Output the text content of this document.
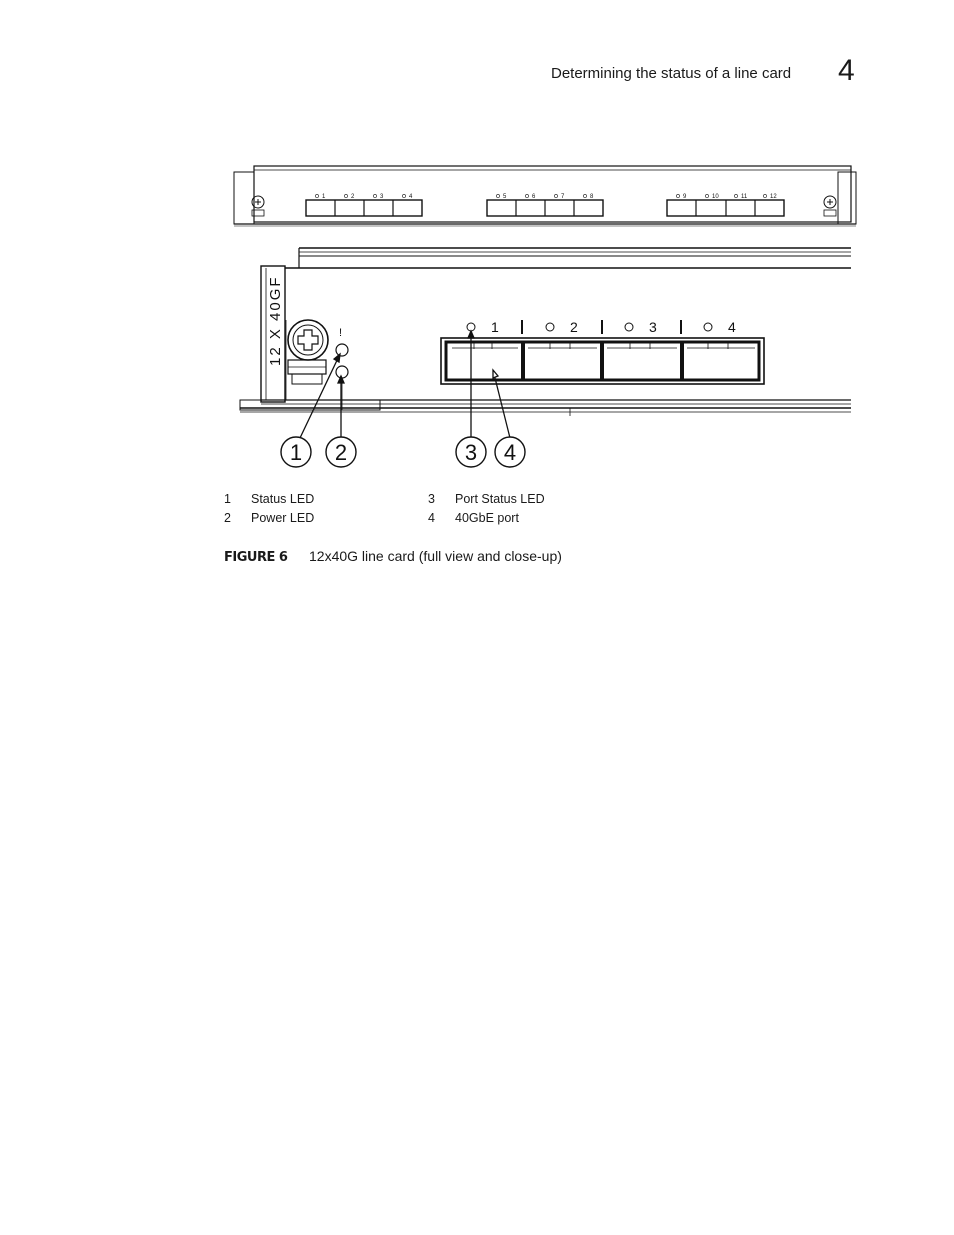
Determining the status of a line card 4
1	2	3	4	5	6	7	8	9	10	11	12
!
12 X 40GF	1	2	3	4
1 2	3 4
1 Status LED
2 Power LED
3 Port Status LED
4 40GbE port
FIGURE 6 12x40G line card (full view and close-up)
